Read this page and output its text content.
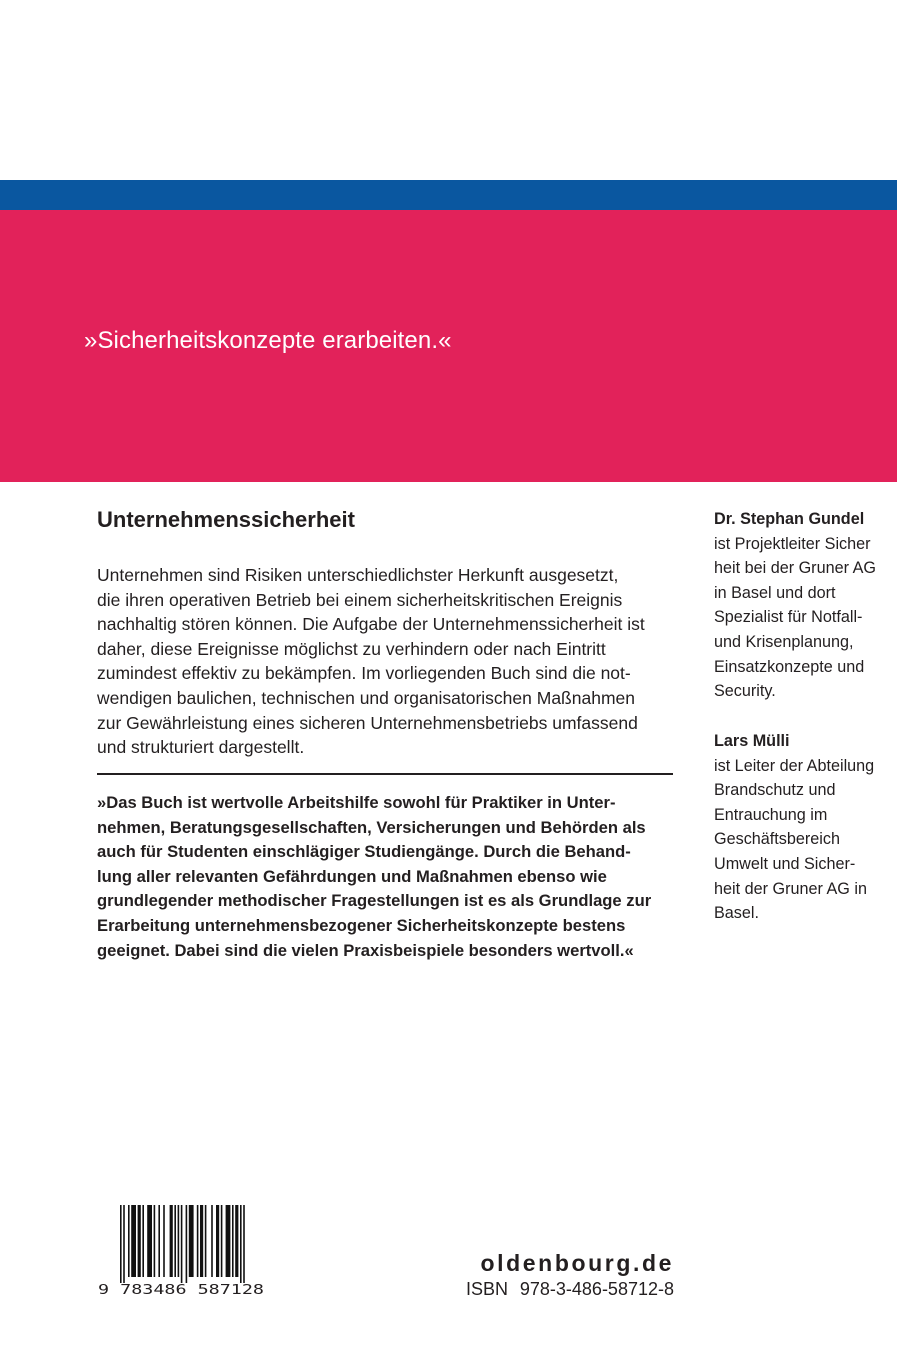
»Sicherheitskonzepte erarbeiten.«
Unternehmenssicherheit

Unternehmen sind Risiken unterschiedlichster Herkunft ausgesetzt,
die ihren operativen Betrieb bei einem sicherheitskritischen Ereignis
nachhaltig stören können. Die Aufgabe der Unternehmenssicherheit ist
daher, diese Ereignisse möglichst zu verhindern oder nach Eintritt
zumindest effektiv zu bekämpfen. Im vorliegenden Buch sind die not-
wendigen baulichen, technischen und organisatorischen Maßnahmen
zur Gewährleistung eines sicheren Unternehmensbetriebs umfassend
und strukturiert dargestellt.

»Das Buch ist wertvolle Arbeitshilfe sowohl für Praktiker in Unter-
nehmen, Beratungsgesellschaften, Versicherungen und Behörden als
auch für Studenten einschlägiger Studiengänge. Durch die Behand-
lung aller relevanten Gefährdungen und Maßnahmen ebenso wie
grundlegender methodischer Fragestellungen ist es als Grundlage zur
Erarbeitung unternehmensbezogener Sicherheitskonzepte bestens
geeignet. Dabei sind die vielen Praxisbeispiele besonders wertvoll.«

Dr. Stephan Gundel
ist Projektleiter Sicher
heit bei der Gruner AG
in Basel und dort
Spezialist für Notfall-
und Krisenplanung,
Einsatzkonzepte und
Security.
Lars Mülli
ist Leiter der Abteilung
Brandschutz und
Entrauchung im
Geschäftsbereich
Umwelt und Sicher-
heit der Gruner AG in
Basel.
9 783486 587128
oldenbourg.de
ISBN 978-3-486-58712-8
